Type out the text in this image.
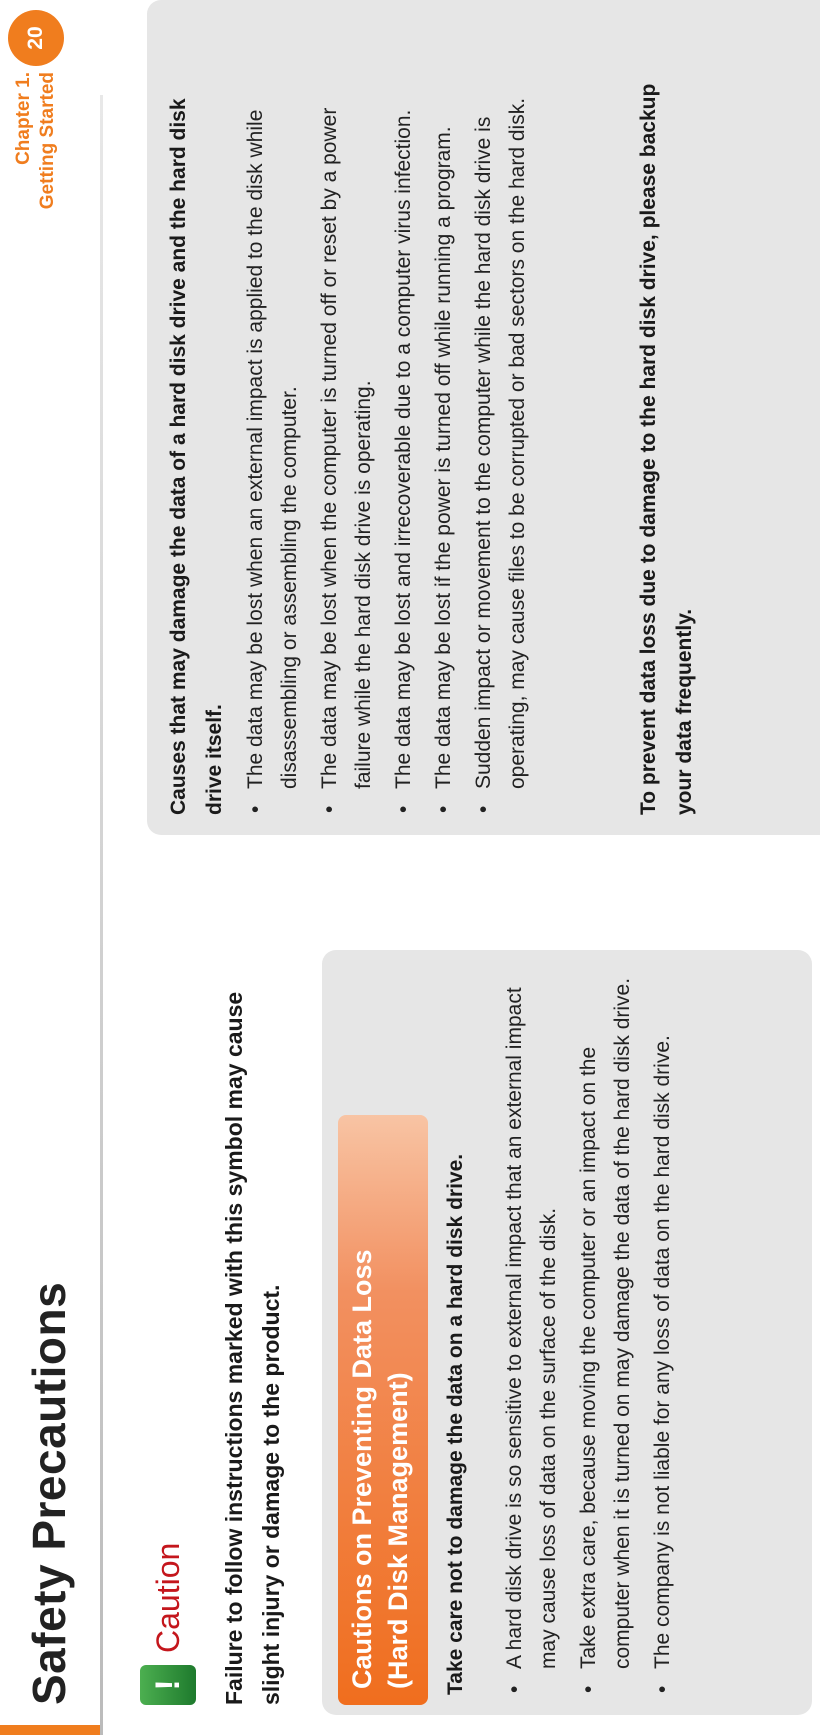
Safety Precautions
Chapter 1. Getting Started
20
!
Caution Failure to follow instructions marked with this symbol may cause slight injury or damage to the product. Cautions on Preventing Data Loss (Hard Disk Management) Take care not to damage the data on a hard disk drive. •
A hard disk drive is so sensitive to external impact that an external impact may cause loss of data on the surface of the disk.
•
Take extra care, because moving the computer or an impact on the computer when it is turned on may damage the data of the hard disk drive.
•
The company is not liable for any loss of data on the hard disk drive.
Causes that may damage the data of a hard disk drive and the hard disk drive itself. •
The data may be lost when an external impact is applied to the disk while disassembling or assembling the computer.
•
The data may be lost when the computer is turned off or reset by a power failure while the hard disk drive is operating.
•
The data may be lost and irrecoverable due to a computer virus infection.
•
The data may be lost if the power is turned off while running a program.
•
Sudden impact or movement to the computer while the hard disk drive is operating, may cause files to be corrupted or bad sectors on the hard disk.	To prevent data loss due to damage to the hard disk drive, please backup your data frequently.
